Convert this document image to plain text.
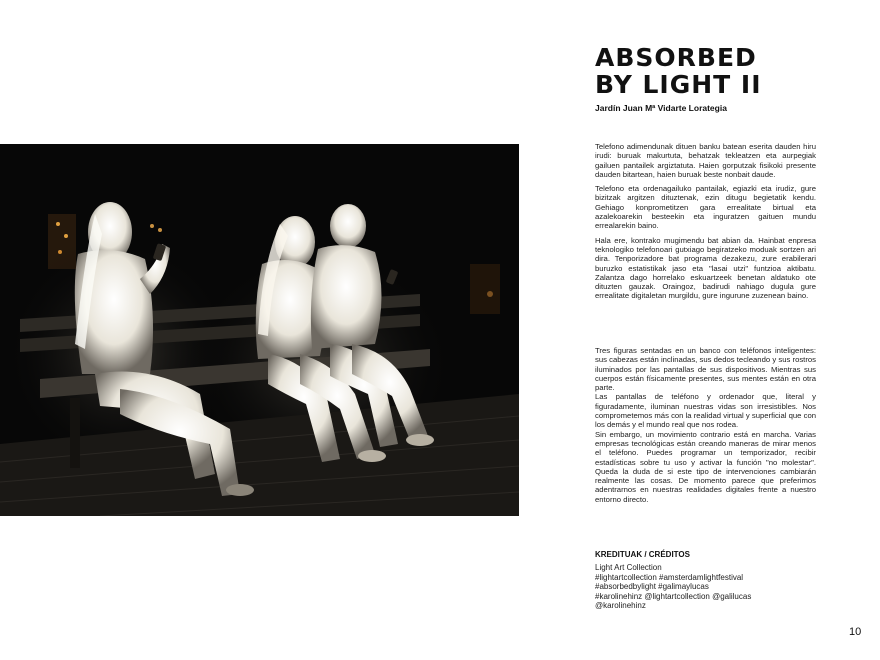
ABSORBED
BY LIGHT II
Jardín Juan Mª Vidarte Lorategia

Telefono adimendunak dituen banku batean eserita dauden hiru irudi: buruak makurtuta, behatzak tekleatzen eta aurpegiak gailuen pantailek argiztatuta. Haien gorputzak fisikoki presente dauden bitartean, haien buruak beste nonbait daude.

Telefono eta ordenagailuko pantailak, egiazki eta irudiz, gure bizitzak argitzen dituztenak, ezin ditugu begietatik kendu. Gehiago konprometitzen gara errealitate birtual eta azalekoarekin besteekin eta inguratzen gaituen mundu errealarekin baino.

Hala ere, kontrako mugimendu bat abian da. Hainbat enpresa teknologiko telefonoari gutxiago begiratzeko moduak sortzen ari dira. Tenporizadore bat programa dezakezu, zure erabilerari buruzko estatistikak jaso eta "lasai utzi" funtzioa aktibatu. Zalantza dago horrelako eskuartzeek benetan aldatuko ote dituzten gauzak. Oraingoz, badirudi nahiago dugula gure errealitate digitaletan murgildu, gure ingurune zuzenean baino.

Tres figuras sentadas en un banco con teléfonos inteligentes: sus cabezas están inclinadas, sus dedos tecleando y sus rostros iluminados por las pantallas de sus dispositivos. Mientras sus cuerpos están físicamente presentes, sus mentes están en otra parte.

Las pantallas de teléfono y ordenador que, literal y figuradamente, iluminan nuestras vidas son irresistibles. Nos comprometemos más con la realidad virtual y superficial que con los demás y el mundo real que nos rodea.

Sin embargo, un movimiento contrario está en marcha. Varias empresas tecnológicas están creando maneras de mirar menos el teléfono. Puedes programar un temporizador, recibir estadísticas sobre tu uso y activar la función "no molestar". Queda la duda de si este tipo de intervenciones cambiarán realmente las cosas. De momento parece que preferimos adentrarnos en nuestras realidades digitales frente a nuestro entorno directo.

KREDITUAK / CRÉDITOS
Light Art Collection
#lightartcollection #amsterdamlightfestival
#absorbedbylight #galimaylucas
#karolinehinz @lightartcollection @galilucas
@karolinehinz
10
